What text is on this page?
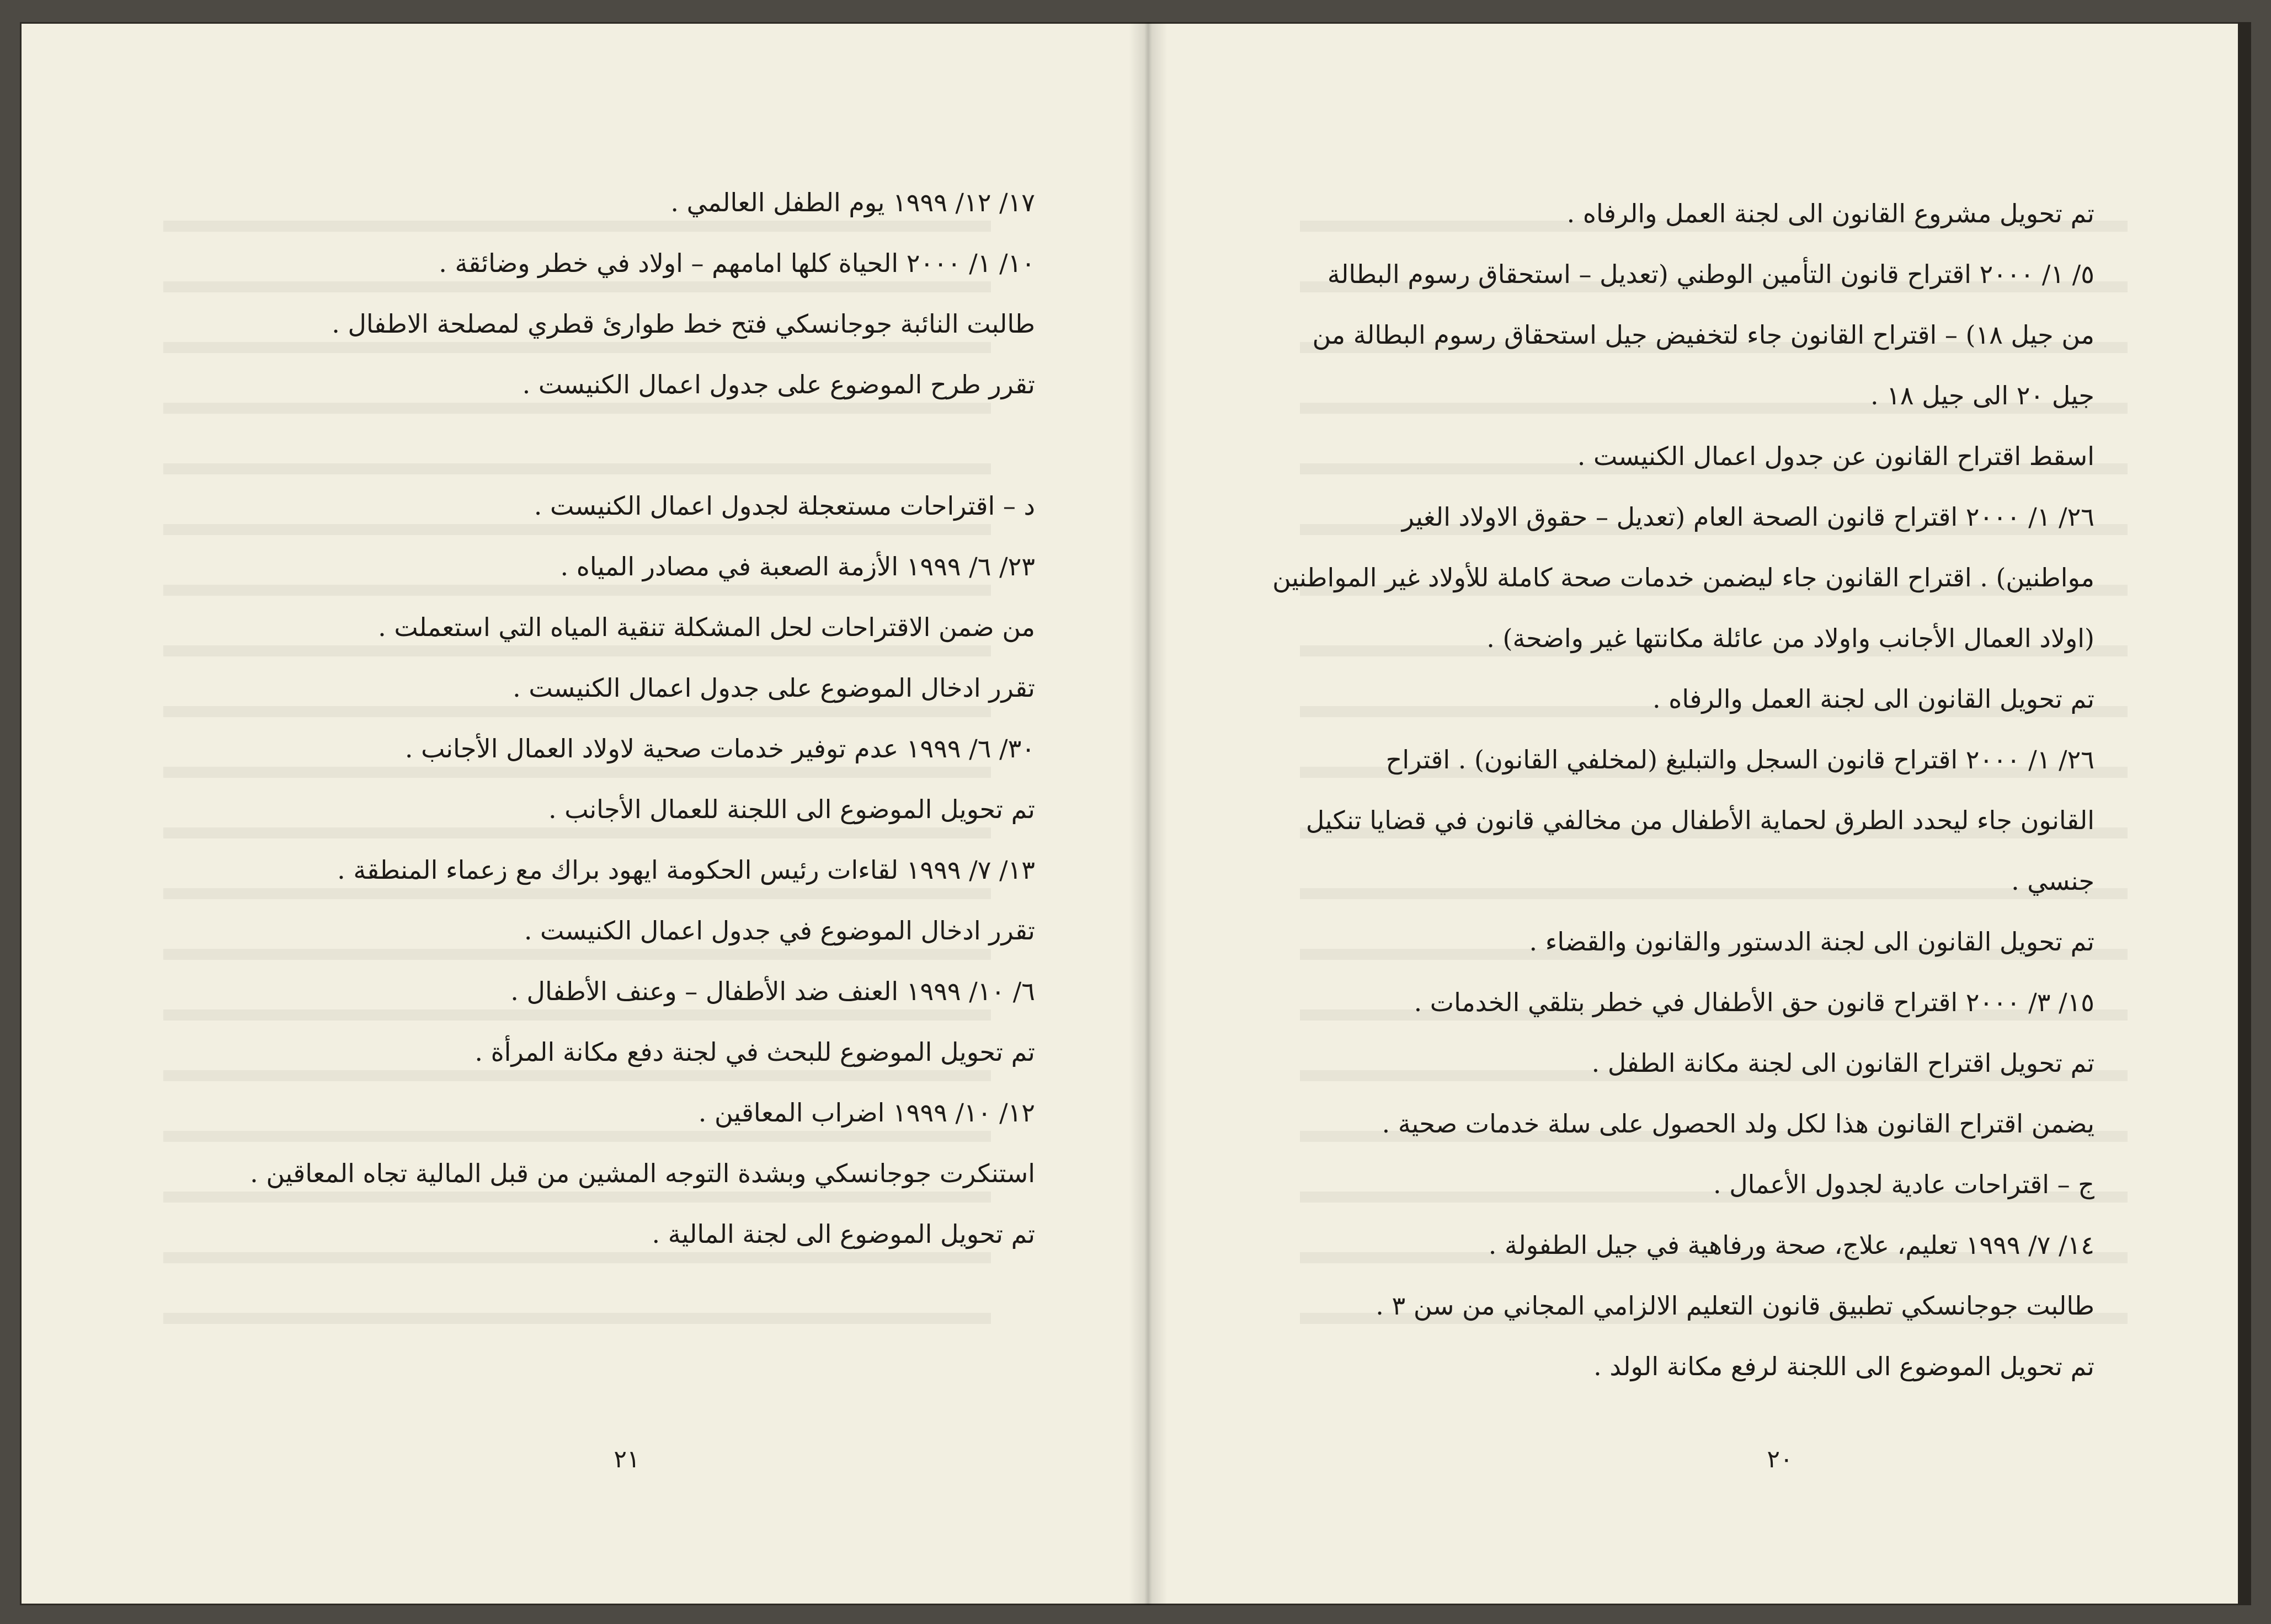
١٧/ ١٢/ ١٩٩٩ يوم الطفل العالمي .

١٠/ ١/ ٢٠٠٠ الحياة كلها امامهم – اولاد في خطر وضائقة .

طالبت النائبة جوجانسكي فتح خط طوارئ قطري لمصلحة الاطفال .

تقرر طرح الموضوع على جدول اعمال الكنيست .

د – اقتراحات مستعجلة لجدول اعمال الكنيست .

٢٣/ ٦/ ١٩٩٩ الأزمة الصعبة في مصادر المياه .

من ضمن الاقتراحات لحل المشكلة تنقية المياه التي استعملت .

تقرر ادخال الموضوع على جدول اعمال الكنيست .

٣٠/ ٦/ ١٩٩٩ عدم توفير خدمات صحية لاولاد العمال الأجانب .

تم تحويل الموضوع الى اللجنة للعمال الأجانب .

١٣/ ٧/ ١٩٩٩ لقاءات رئيس الحكومة ايهود براك مع زعماء المنطقة .

تقرر ادخال الموضوع في جدول اعمال الكنيست .

٦/ ١٠/ ١٩٩٩ العنف ضد الأطفال – وعنف الأطفال .

تم تحويل الموضوع للبحث في لجنة دفع مكانة المرأة .

١٢/ ١٠/ ١٩٩٩ اضراب المعاقين .

استنكرت جوجانسكي وبشدة التوجه المشين من قبل المالية تجاه المعاقين .

تم تحويل الموضوع الى لجنة المالية .

٢١

تم تحويل مشروع القانون الى لجنة العمل والرفاه .

٥/ ١/ ٢٠٠٠ اقتراح قانون التأمين الوطني (تعديل – استحقاق رسوم البطالة

من جيل ١٨) – اقتراح القانون جاء لتخفيض جيل استحقاق رسوم البطالة من

جيل ٢٠ الى جيل ١٨ .

اسقط اقتراح القانون عن جدول اعمال الكنيست .

٢٦/ ١/ ٢٠٠٠ اقتراح قانون الصحة العام (تعديل – حقوق الاولاد الغير

مواطنين) . اقتراح القانون جاء ليضمن خدمات صحة كاملة للأولاد غير المواطنين

(اولاد العمال الأجانب واولاد من عائلة مكانتها غير واضحة) .

تم تحويل القانون الى لجنة العمل والرفاه .

٢٦/ ١/ ٢٠٠٠ اقتراح قانون السجل والتبليغ (لمخلفي القانون) . اقتراح

القانون جاء ليحدد الطرق لحماية الأطفال من مخالفي قانون في قضايا تنكيل

جنسي .

تم تحويل القانون الى لجنة الدستور والقانون والقضاء .

١٥/ ٣/ ٢٠٠٠ اقتراح قانون حق الأطفال في خطر بتلقي الخدمات .

تم تحويل اقتراح القانون الى لجنة مكانة الطفل .

يضمن اقتراح القانون هذا لكل ولد الحصول على سلة خدمات صحية .

ج – اقتراحات عادية لجدول الأعمال .

١٤/ ٧/ ١٩٩٩ تعليم، علاج، صحة ورفاهية في جيل الطفولة .

طالبت جوجانسكي تطبيق قانون التعليم الالزامي المجاني من سن ٣ .

تم تحويل الموضوع الى اللجنة لرفع مكانة الولد .

٢٠
